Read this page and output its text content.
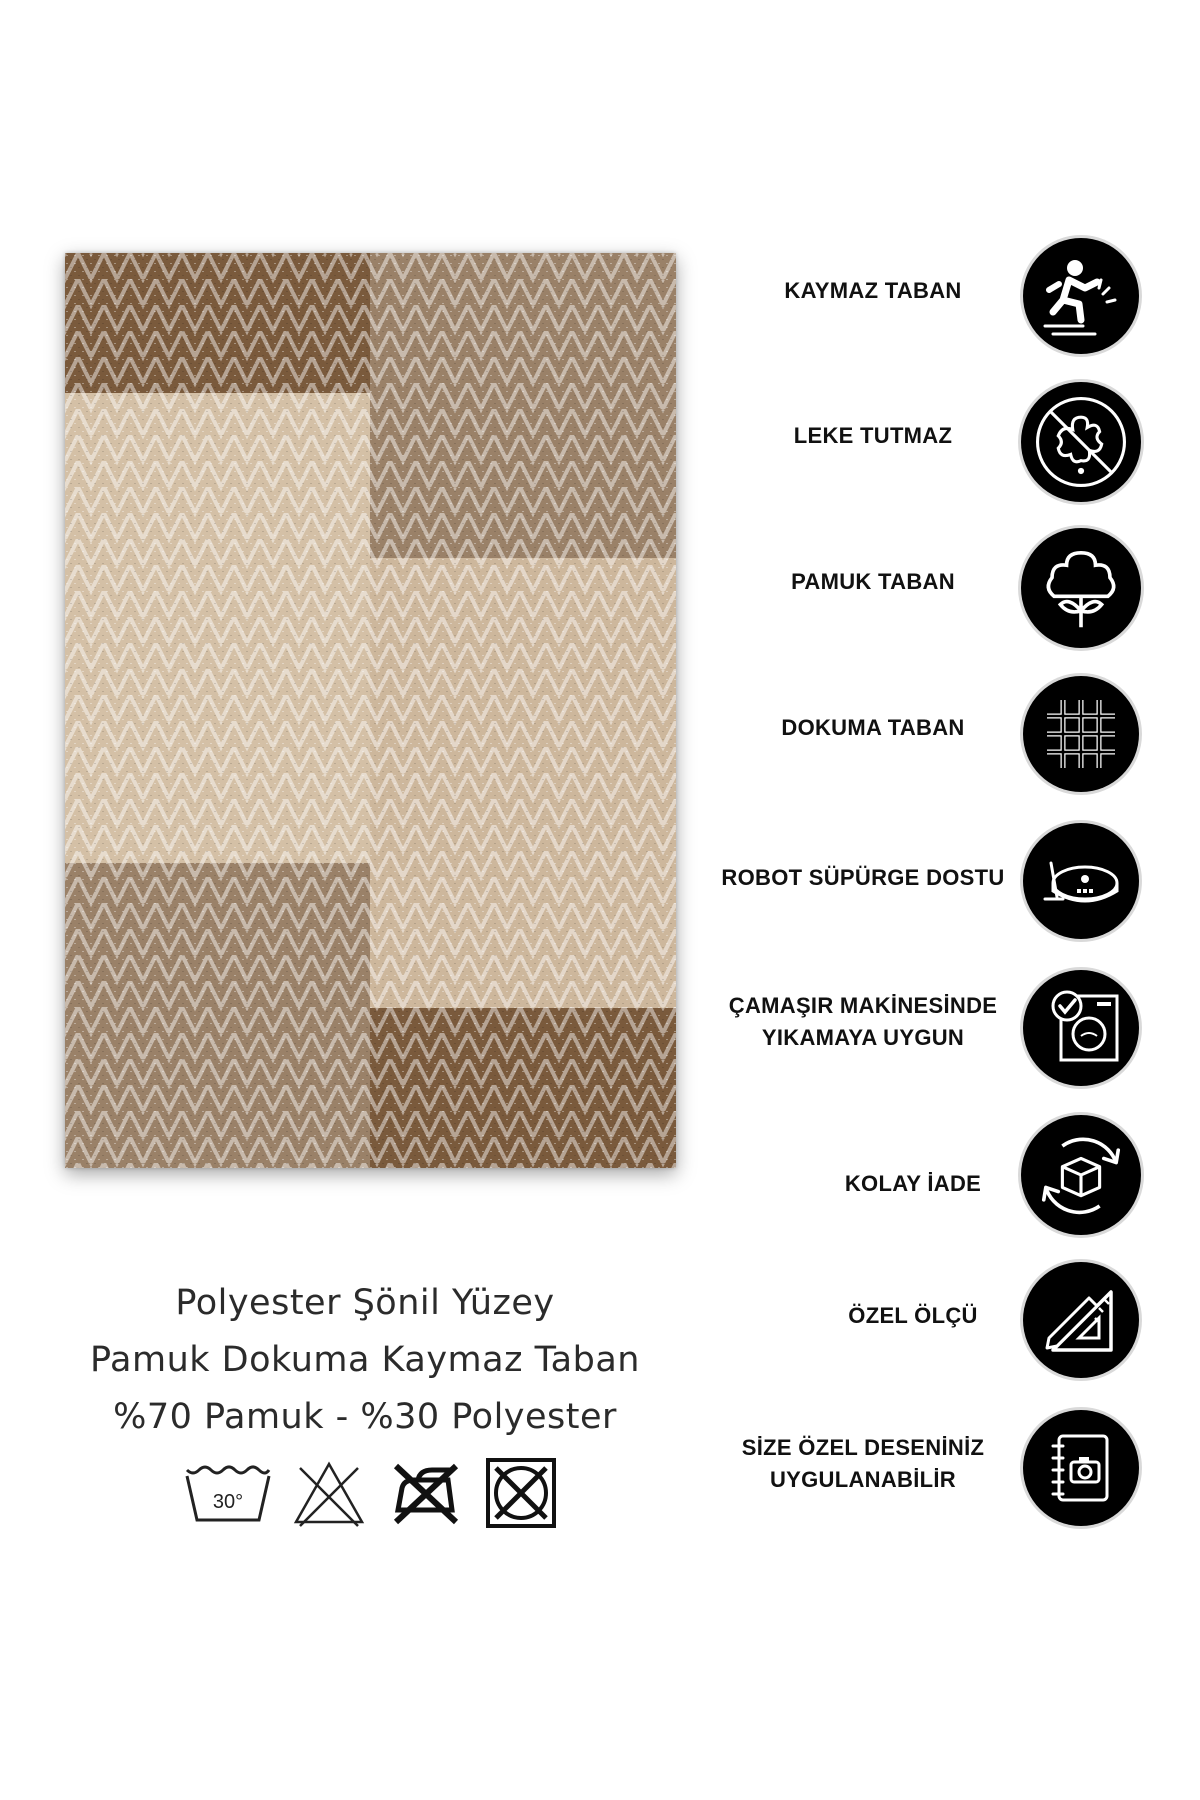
Polyester Şönil Yüzey
Pamuk Dokuma Kaymaz Taban
%70 Pamuk - %30 Polyester
30°
KAYMAZ TABAN
LEKE TUTMAZ
PAMUK TABAN
DOKUMA TABAN
ROBOT SÜPÜRGE DOSTU
ÇAMAŞIR MAKİNESİNDE
YIKAMAYA UYGUN
KOLAY İADE
ÖZEL ÖLÇÜ
SİZE ÖZEL DESENİNİZ
UYGULANABİLİR
